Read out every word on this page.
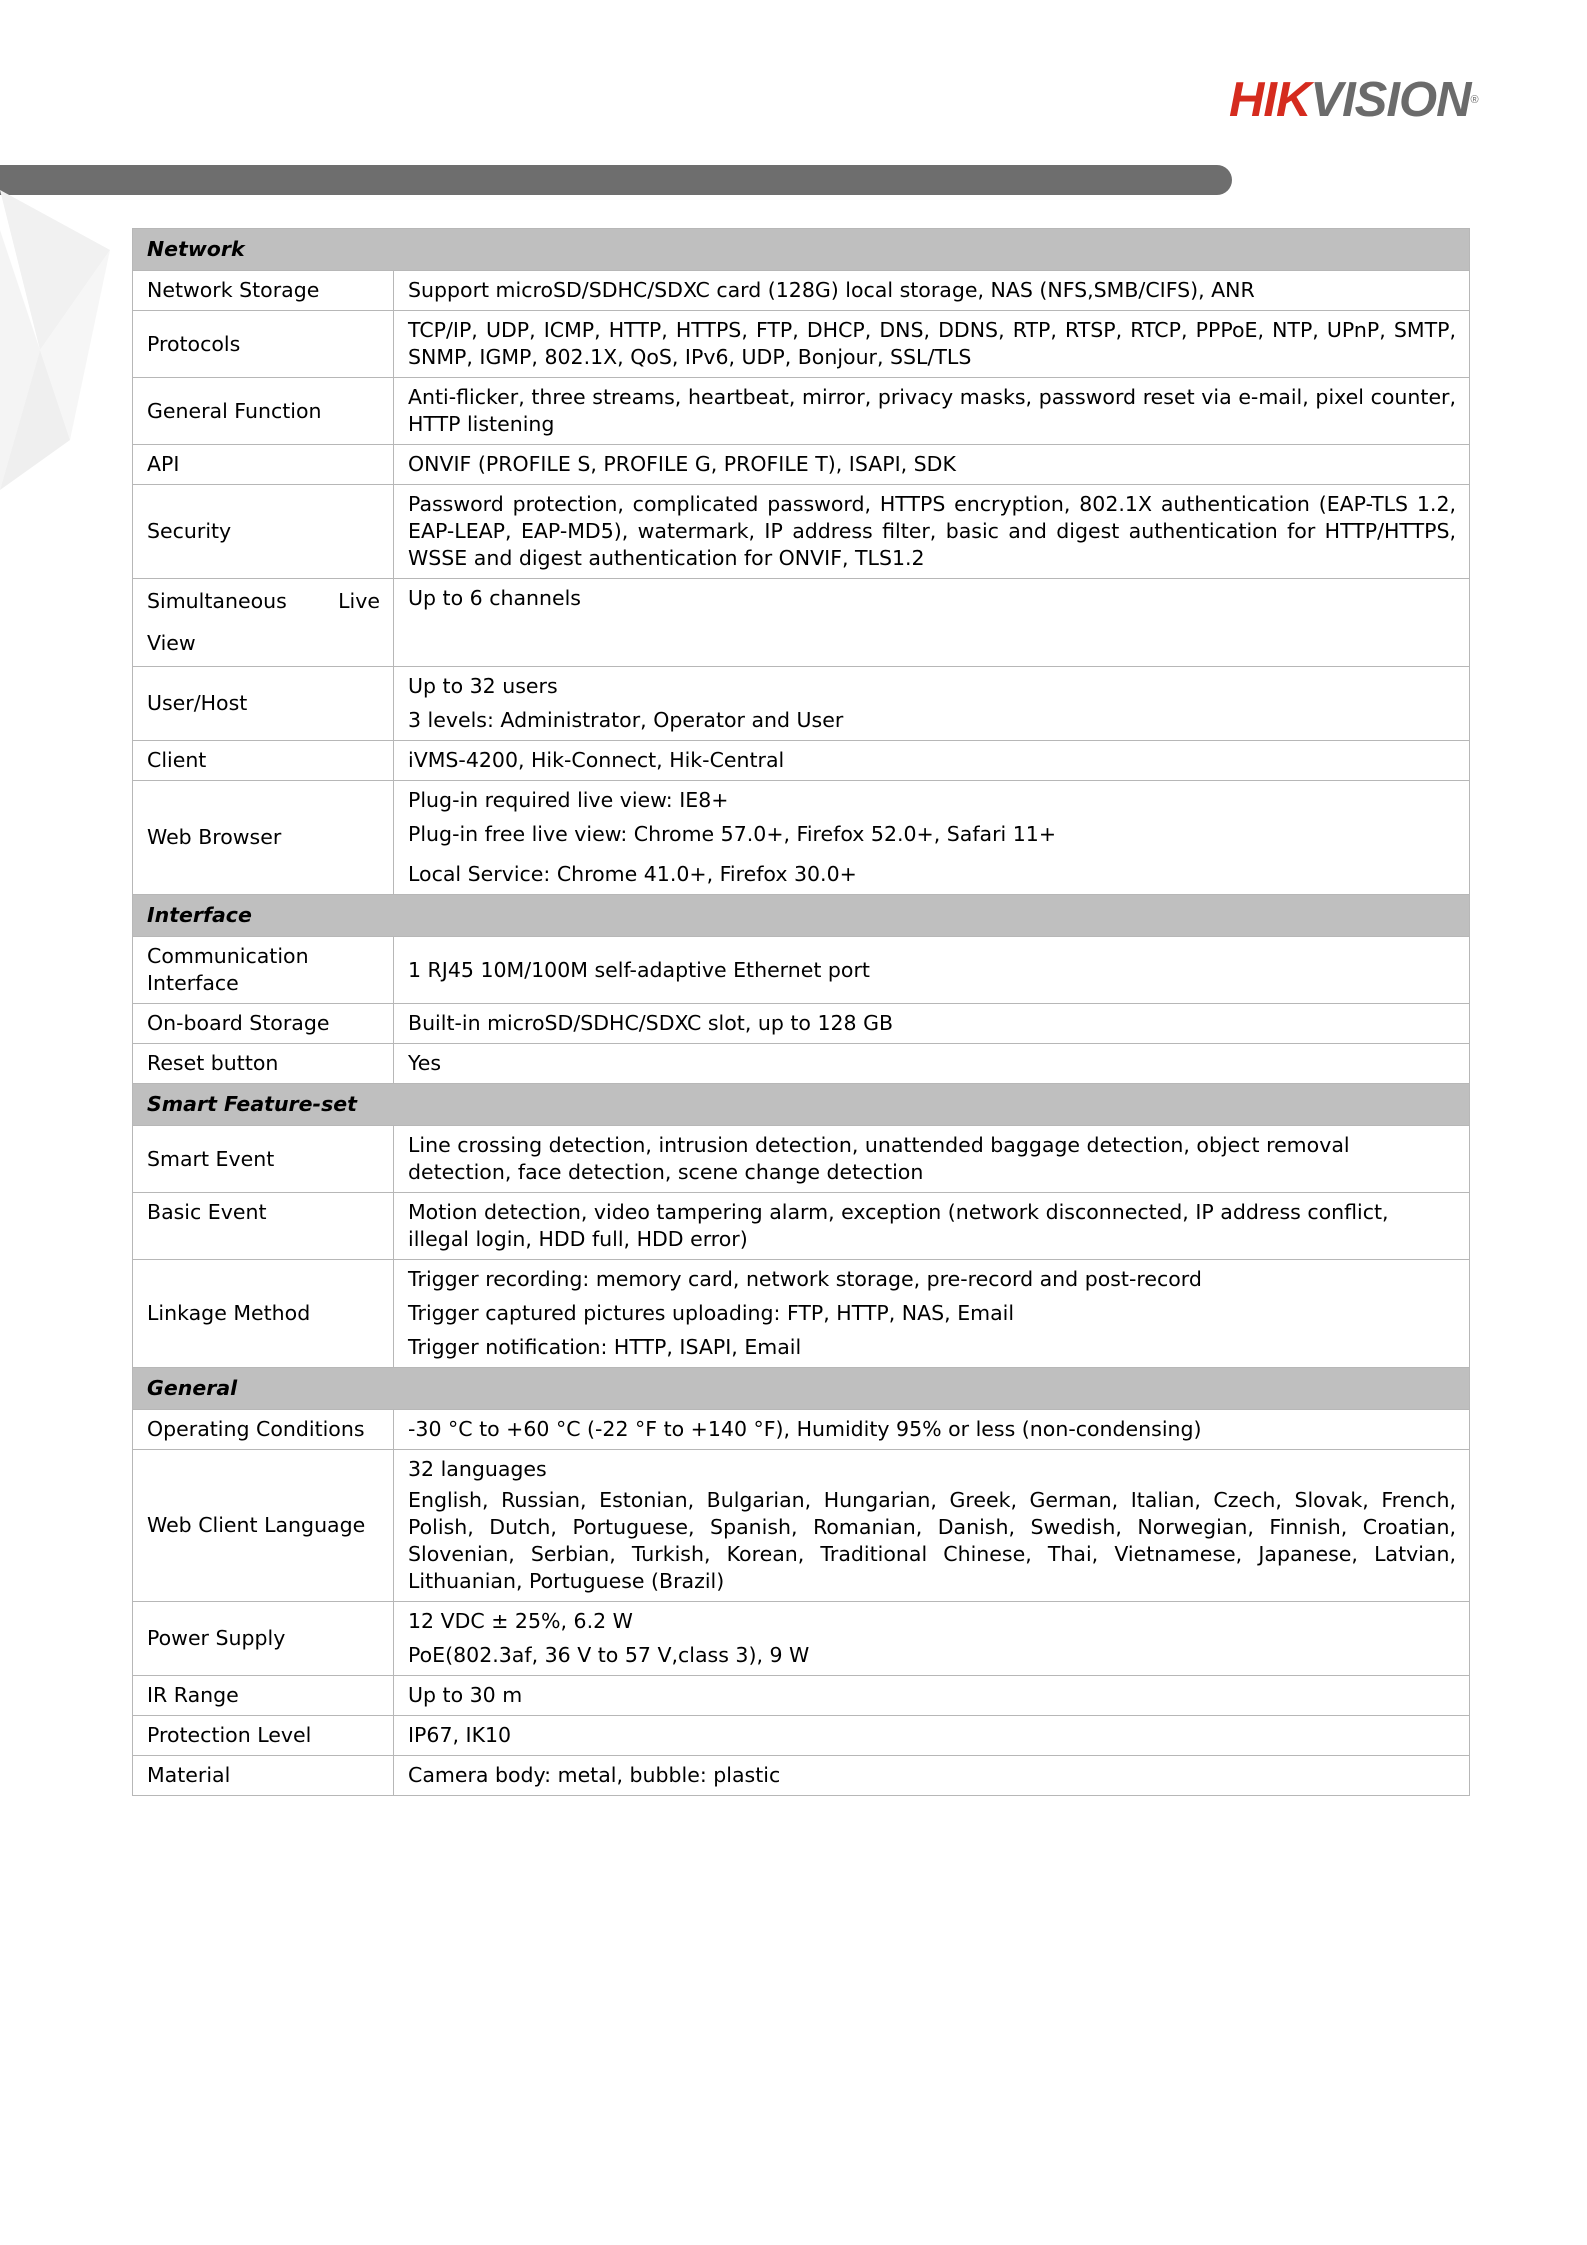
HIKVISION®
Network	
Network Storage	Support microSD/SDHC/SDXC card (128G) local storage, NAS (NFS,SMB/CIFS), ANR
Protocols	TCP/IP, UDP, ICMP, HTTP, HTTPS, FTP, DHCP, DNS, DDNS, RTP, RTSP, RTCP, PPPoE, NTP, UPnP, SMTP, SNMP, IGMP, 802.1X, QoS, IPv6, UDP, Bonjour, SSL/TLS
General Function	Anti-flicker, three streams, heartbeat, mirror, privacy masks, password reset via e-mail, pixel counter, HTTP listening
API	ONVIF (PROFILE S, PROFILE G, PROFILE T), ISAPI, SDK
Security	Password protection, complicated password, HTTPS encryption, 802.1X authentication (EAP-TLS 1.2, EAP-LEAP, EAP-MD5), watermark, IP address filter, basic and digest authentication for HTTP/HTTPS, WSSE and digest authentication for ONVIF, TLS1.2

Simultaneous Live
View	Up to 6 channels
User/Host	Up to 32 users
3 levels: Administrator, Operator and User

Client	iVMS-4200, Hik-Connect, Hik-Central
Web Browser	Plug-in required live view: IE8+
Plug-in free live view: Chrome 57.0+, Firefox 52.0+, Safari 11+
Local Service: Chrome 41.0+, Firefox 30.0+

Interface	

Communication
Interface	1 RJ45 10M/100M self-adaptive Ethernet port
On-board Storage	Built-in microSD/SDHC/SDXC slot, up to 128 GB
Reset button	Yes
Smart Feature-set	
Smart Event	Line crossing detection, intrusion detection, unattended baggage detection, object removal detection, face detection, scene change detection
Basic Event	Motion detection, video tampering alarm, exception (network disconnected, IP address conflict, illegal login, HDD full, HDD error)
Linkage Method	Trigger recording: memory card, network storage, pre-record and post-record
Trigger captured pictures uploading: FTP, HTTP, NAS, Email
Trigger notification: HTTP, ISAPI, Email

General	
Operating Conditions	-30 °C to +60 °C (-22 °F to +140 °F), Humidity 95% or less (non-condensing)
Web Client Language	32 languages
English, Russian, Estonian, Bulgarian, Hungarian, Greek, German, Italian, Czech, Slovak, French, Polish, Dutch, Portuguese, Spanish, Romanian, Danish, Swedish, Norwegian, Finnish, Croatian, Slovenian, Serbian, Turkish, Korean, Traditional Chinese, Thai, Vietnamese, Japanese, Latvian, Lithuanian, Portuguese (Brazil)

Power Supply	12 VDC ± 25%, 6.2 W
PoE(802.3af, 36 V to 57 V,class 3), 9 W

IR Range	Up to 30 m
Protection Level	IP67, IK10
Material	Camera body: metal, bubble: plastic
